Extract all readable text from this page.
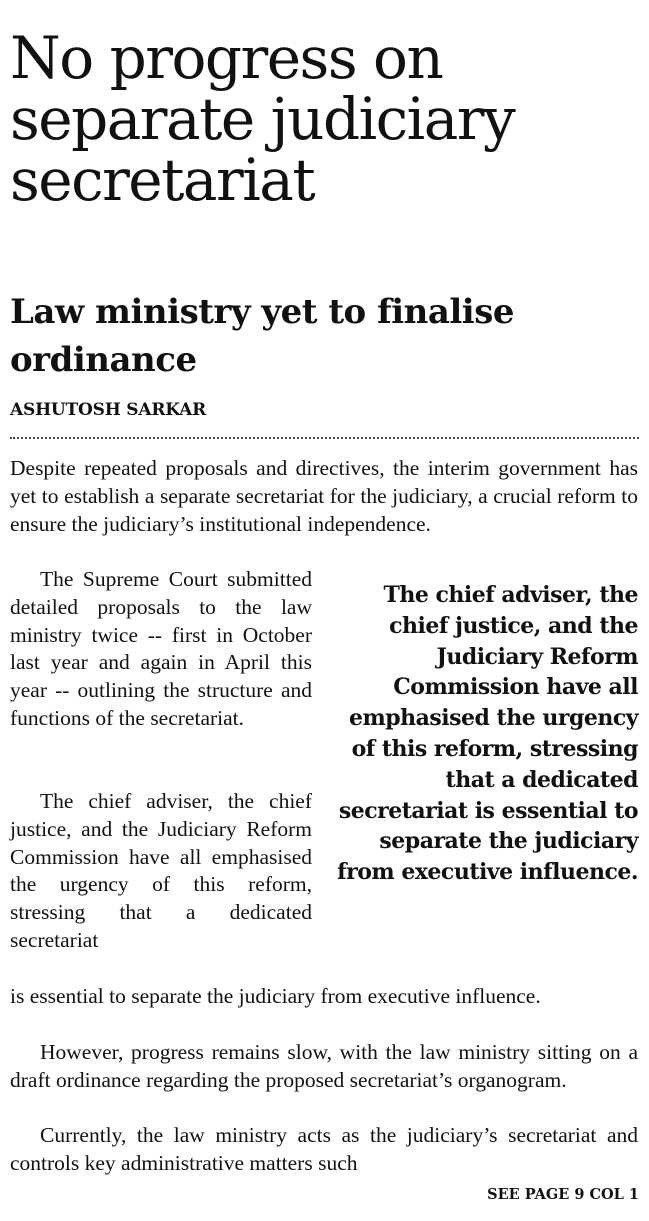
No progress on separate judiciary secretariat
Law ministry yet to finalise ordinance
ASHUTOSH SARKAR

Despite repeated proposals and directives, the interim government has yet to establish a separate secretariat for the judiciary, a crucial reform to ensure the judiciary’s institutional independence.

The Supreme Court submitted detailed proposals to the law ministry twice -- first in October last year and again in April this year -- outlining the structure and functions of the secretariat.

The chief adviser, the chief justice, and the Judiciary Reform Commission have all emphasised the urgency of this reform, stressing that a dedicated secretariat

is essential to separate the judiciary from executive influence.

However, progress remains slow, with the law ministry sitting on a draft ordinance regarding the proposed secretariat’s organogram.

Currently, the law ministry acts as the judiciary’s secretariat and controls key administrative matters such

The chief adviser, the chief justice, and the Judiciary Reform Commission have all emphasised the urgency of this reform, stressing that a dedicated secretariat is essential to separate the judiciary from executive influence.
SEE PAGE 9 COL 1
